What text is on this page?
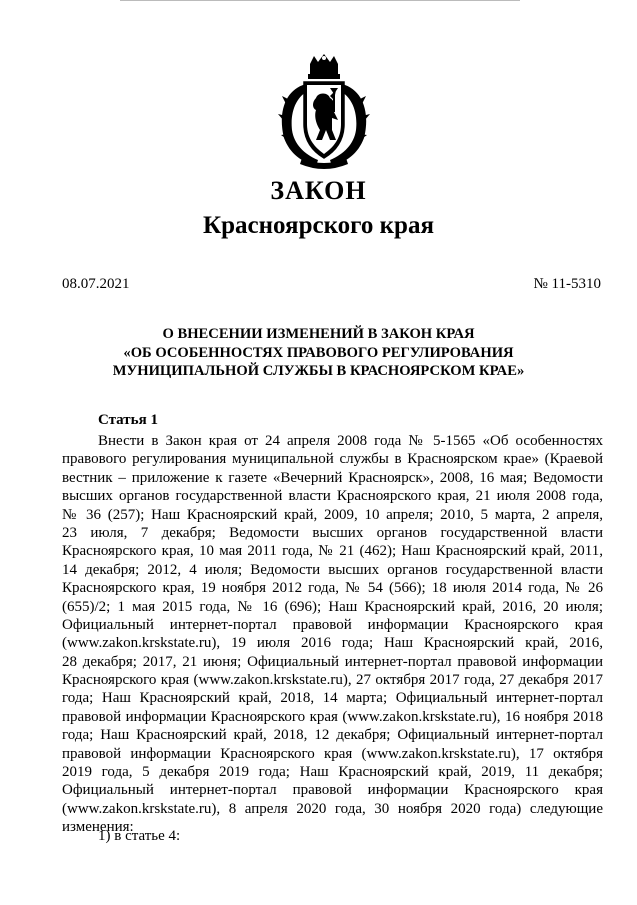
ЗАКОН
Красноярского края
08.07.2021	№ 11-5310
О ВНЕСЕНИИ ИЗМЕНЕНИЙ В ЗАКОН КРАЯ
«ОБ ОСОБЕННОСТЯХ ПРАВОВОГО РЕГУЛИРОВАНИЯ
МУНИЦИПАЛЬНОЙ СЛУЖБЫ В КРАСНОЯРСКОМ КРАЕ»
Статья 1
Внести в Закон края от 24 апреля 2008 года № 5-1565 «Об особенностях
правового регулирования муниципальной службы в Красноярском крае» (Краевой
вестник – приложение к газете «Вечерний Красноярск», 2008, 16 мая; Ведомости
высших органов государственной власти Красноярского края, 21 июля 2008 года,
№ 36 (257); Наш Красноярский край, 2009, 10 апреля; 2010, 5 марта, 2 апреля,
23 июля, 7 декабря; Ведомости высших органов государственной власти
Красноярского края, 10 мая 2011 года, № 21 (462); Наш Красноярский край, 2011,
14 декабря; 2012, 4 июля; Ведомости высших органов государственной власти
Красноярского края, 19 ноября 2012 года, № 54 (566); 18 июля 2014 года, № 26
(655)/2; 1 мая 2015 года, № 16 (696); Наш Красноярский край, 2016, 20 июля;
Официальный интернет-портал правовой информации Красноярского края
(www.zakon.krskstate.ru), 19 июля 2016 года; Наш Красноярский край, 2016,
28 декабря; 2017, 21 июня; Официальный интернет-портал правовой информации
Красноярского края (www.zakon.krskstate.ru), 27 октября 2017 года, 27 декабря 2017
года; Наш Красноярский край, 2018, 14 марта; Официальный интернет-портал
правовой информации Красноярского края (www.zakon.krskstate.ru), 16 ноября 2018
года; Наш Красноярский край, 2018, 12 декабря; Официальный интернет-портал
правовой информации Красноярского края (www.zakon.krskstate.ru), 17 октября
2019 года, 5 декабря 2019 года; Наш Красноярский край, 2019, 11 декабря;
Официальный интернет-портал правовой информации Красноярского края
(www.zakon.krskstate.ru), 8 апреля 2020 года, 30 ноября 2020 года) следующие
изменения:
1) в статье 4:
